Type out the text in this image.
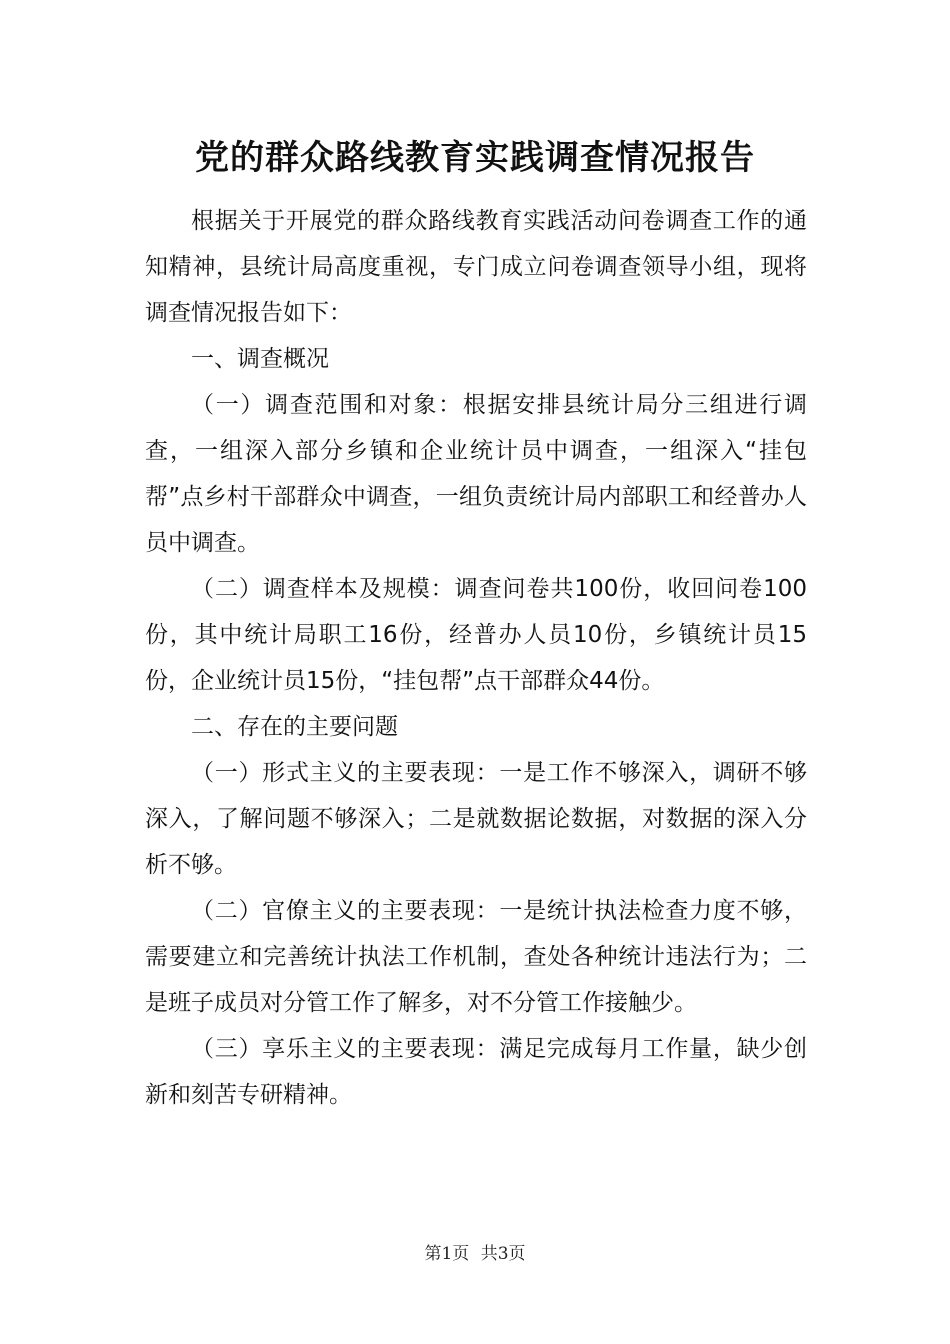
党的群众路线教育实践调查情况报告

根据关于开展党的群众路线教育实践活动问卷调查工作的通知精神，县统计局高度重视，专门成立问卷调查领导小组，现将调查情况报告如下：

一、调查概况

（一）调查范围和对象：根据安排县统计局分三组进行调查，一组深入部分乡镇和企业统计员中调查，一组深入“挂包帮”点乡村干部群众中调查，一组负责统计局内部职工和经普办人员中调查。

（二）调查样本及规模：调查问卷共100份，收回问卷100份，其中统计局职工16份，经普办人员10份，乡镇统计员15份，企业统计员15份，“挂包帮”点干部群众44份。

二、存在的主要问题

（一）形式主义的主要表现：一是工作不够深入，调研不够深入，了解问题不够深入；二是就数据论数据，对数据的深入分析不够。

（二）官僚主义的主要表现：一是统计执法检查力度不够，需要建立和完善统计执法工作机制，查处各种统计违法行为；二是班子成员对分管工作了解多，对不分管工作接触少。

（三）享乐主义的主要表现：满足完成每月工作量，缺少创新和刻苦专研精神。

第1页 共3页
